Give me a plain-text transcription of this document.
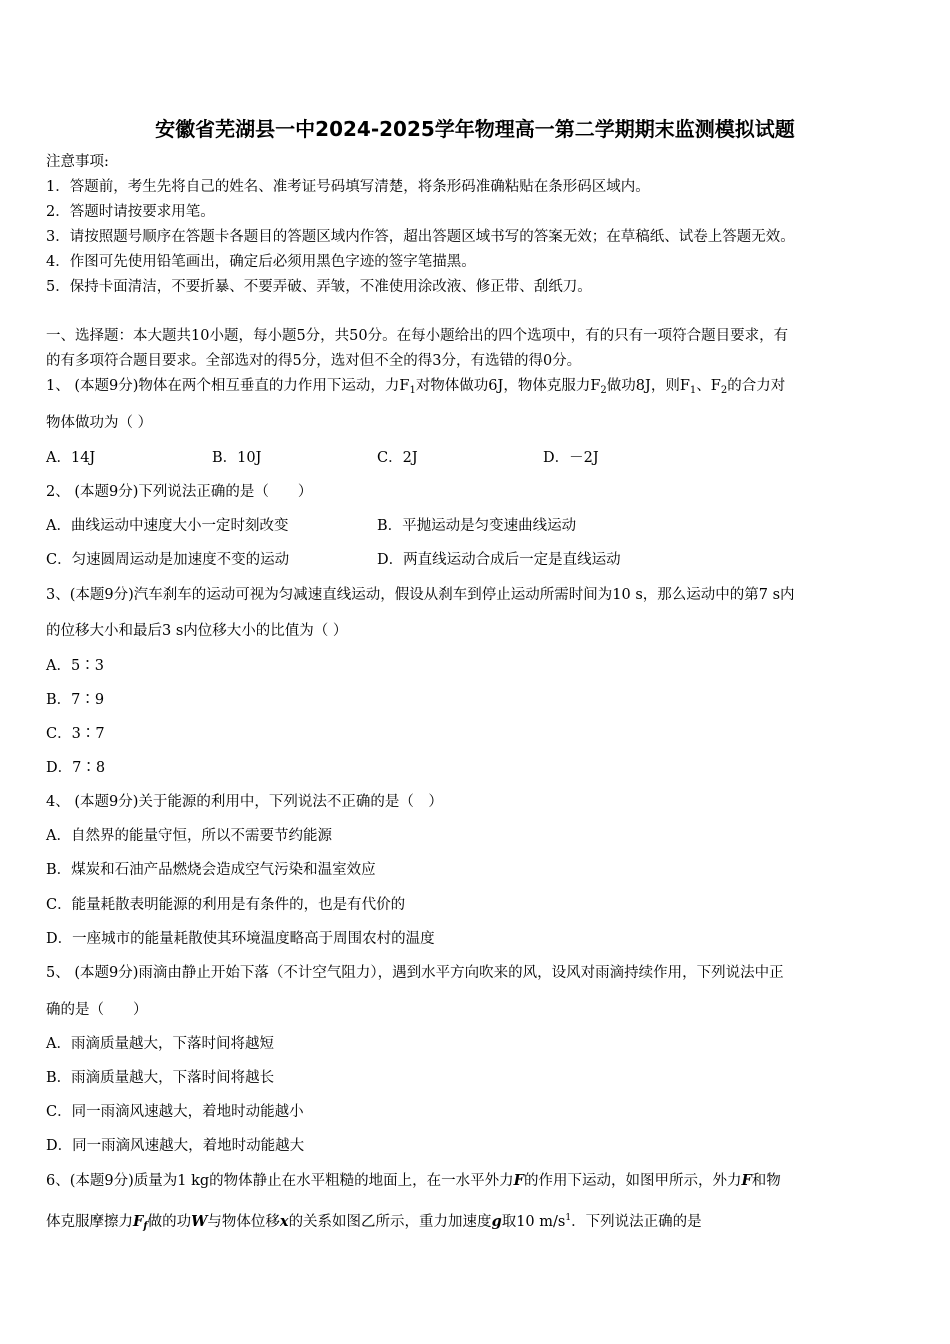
安徽省芜湖县一中2024-2025学年物理高一第二学期期末监测模拟试题
注意事项:
1．答题前，考生先将自己的姓名、准考证号码填写清楚，将条形码准确粘贴在条形码区域内。
2．答题时请按要求用笔。
3．请按照题号顺序在答题卡各题目的答题区域内作答，超出答题区域书写的答案无效；在草稿纸、试卷上答题无效。
4．作图可先使用铅笔画出，确定后必须用黑色字迹的签字笔描黑。
5．保持卡面清洁，不要折暴、不要弄破、弄皱，不准使用涂改液、修正带、刮纸刀。
一、选择题：本大题共10小题，每小题5分，共50分。在每小题给出的四个选项中，有的只有一项符合题目要求，有
的有多项符合题目要求。全部选对的得5分，选对但不全的得3分，有选错的得0分。
1、 (本题9分)物体在两个相互垂直的力作用下运动，力$F_1$对物体做功6J，物体克服力$F_2$做功8J，则$F_1$、$F_2$的合力对
物体做功为（ ）
A．14J	B．10J	C．2J	D．－2J
2、 (本题9分)下列说法正确的是（　　）
A．曲线运动中速度大小一定时刻改变	B．平抛运动是匀变速曲线运动
C．匀速圆周运动是加速度不变的运动	D．两直线运动合成后一定是直线运动
3、(本题9分)汽车刹车的运动可视为匀减速直线运动，假设从刹车到停止运动所需时间为10 s，那么运动中的第7 s内
的位移大小和最后3 s内位移大小的比值为（ ）
A．5∶3
B．7∶9
C．3∶7
D．7∶8
4、 (本题9分)关于能源的利用中，下列说法不正确的是（　）
A．自然界的能量守恒，所以不需要节约能源
B．煤炭和石油产品燃烧会造成空气污染和温室效应
C．能量耗散表明能源的利用是有条件的，也是有代价的
D．一座城市的能量耗散使其环境温度略高于周围农村的温度
5、 (本题9分)雨滴由静止开始下落（不计空气阻力），遇到水平方向吹来的风，设风对雨滴持续作用，下列说法中正
确的是（　　）
A．雨滴质量越大，下落时间将越短
B．雨滴质量越大，下落时间将越长
C．同一雨滴风速越大，着地时动能越小
D．同一雨滴风速越大，着地时动能越大
6、(本题9分)质量为1 kg的物体静止在水平粗糙的地面上，在一水平外力F的作用下运动，如图甲所示，外力F和物
体克服摩擦力$F_f$做的功W与物体位移x的关系如图乙所示，重力加速度g取10 $m/s^1$．下列说法正确的是
